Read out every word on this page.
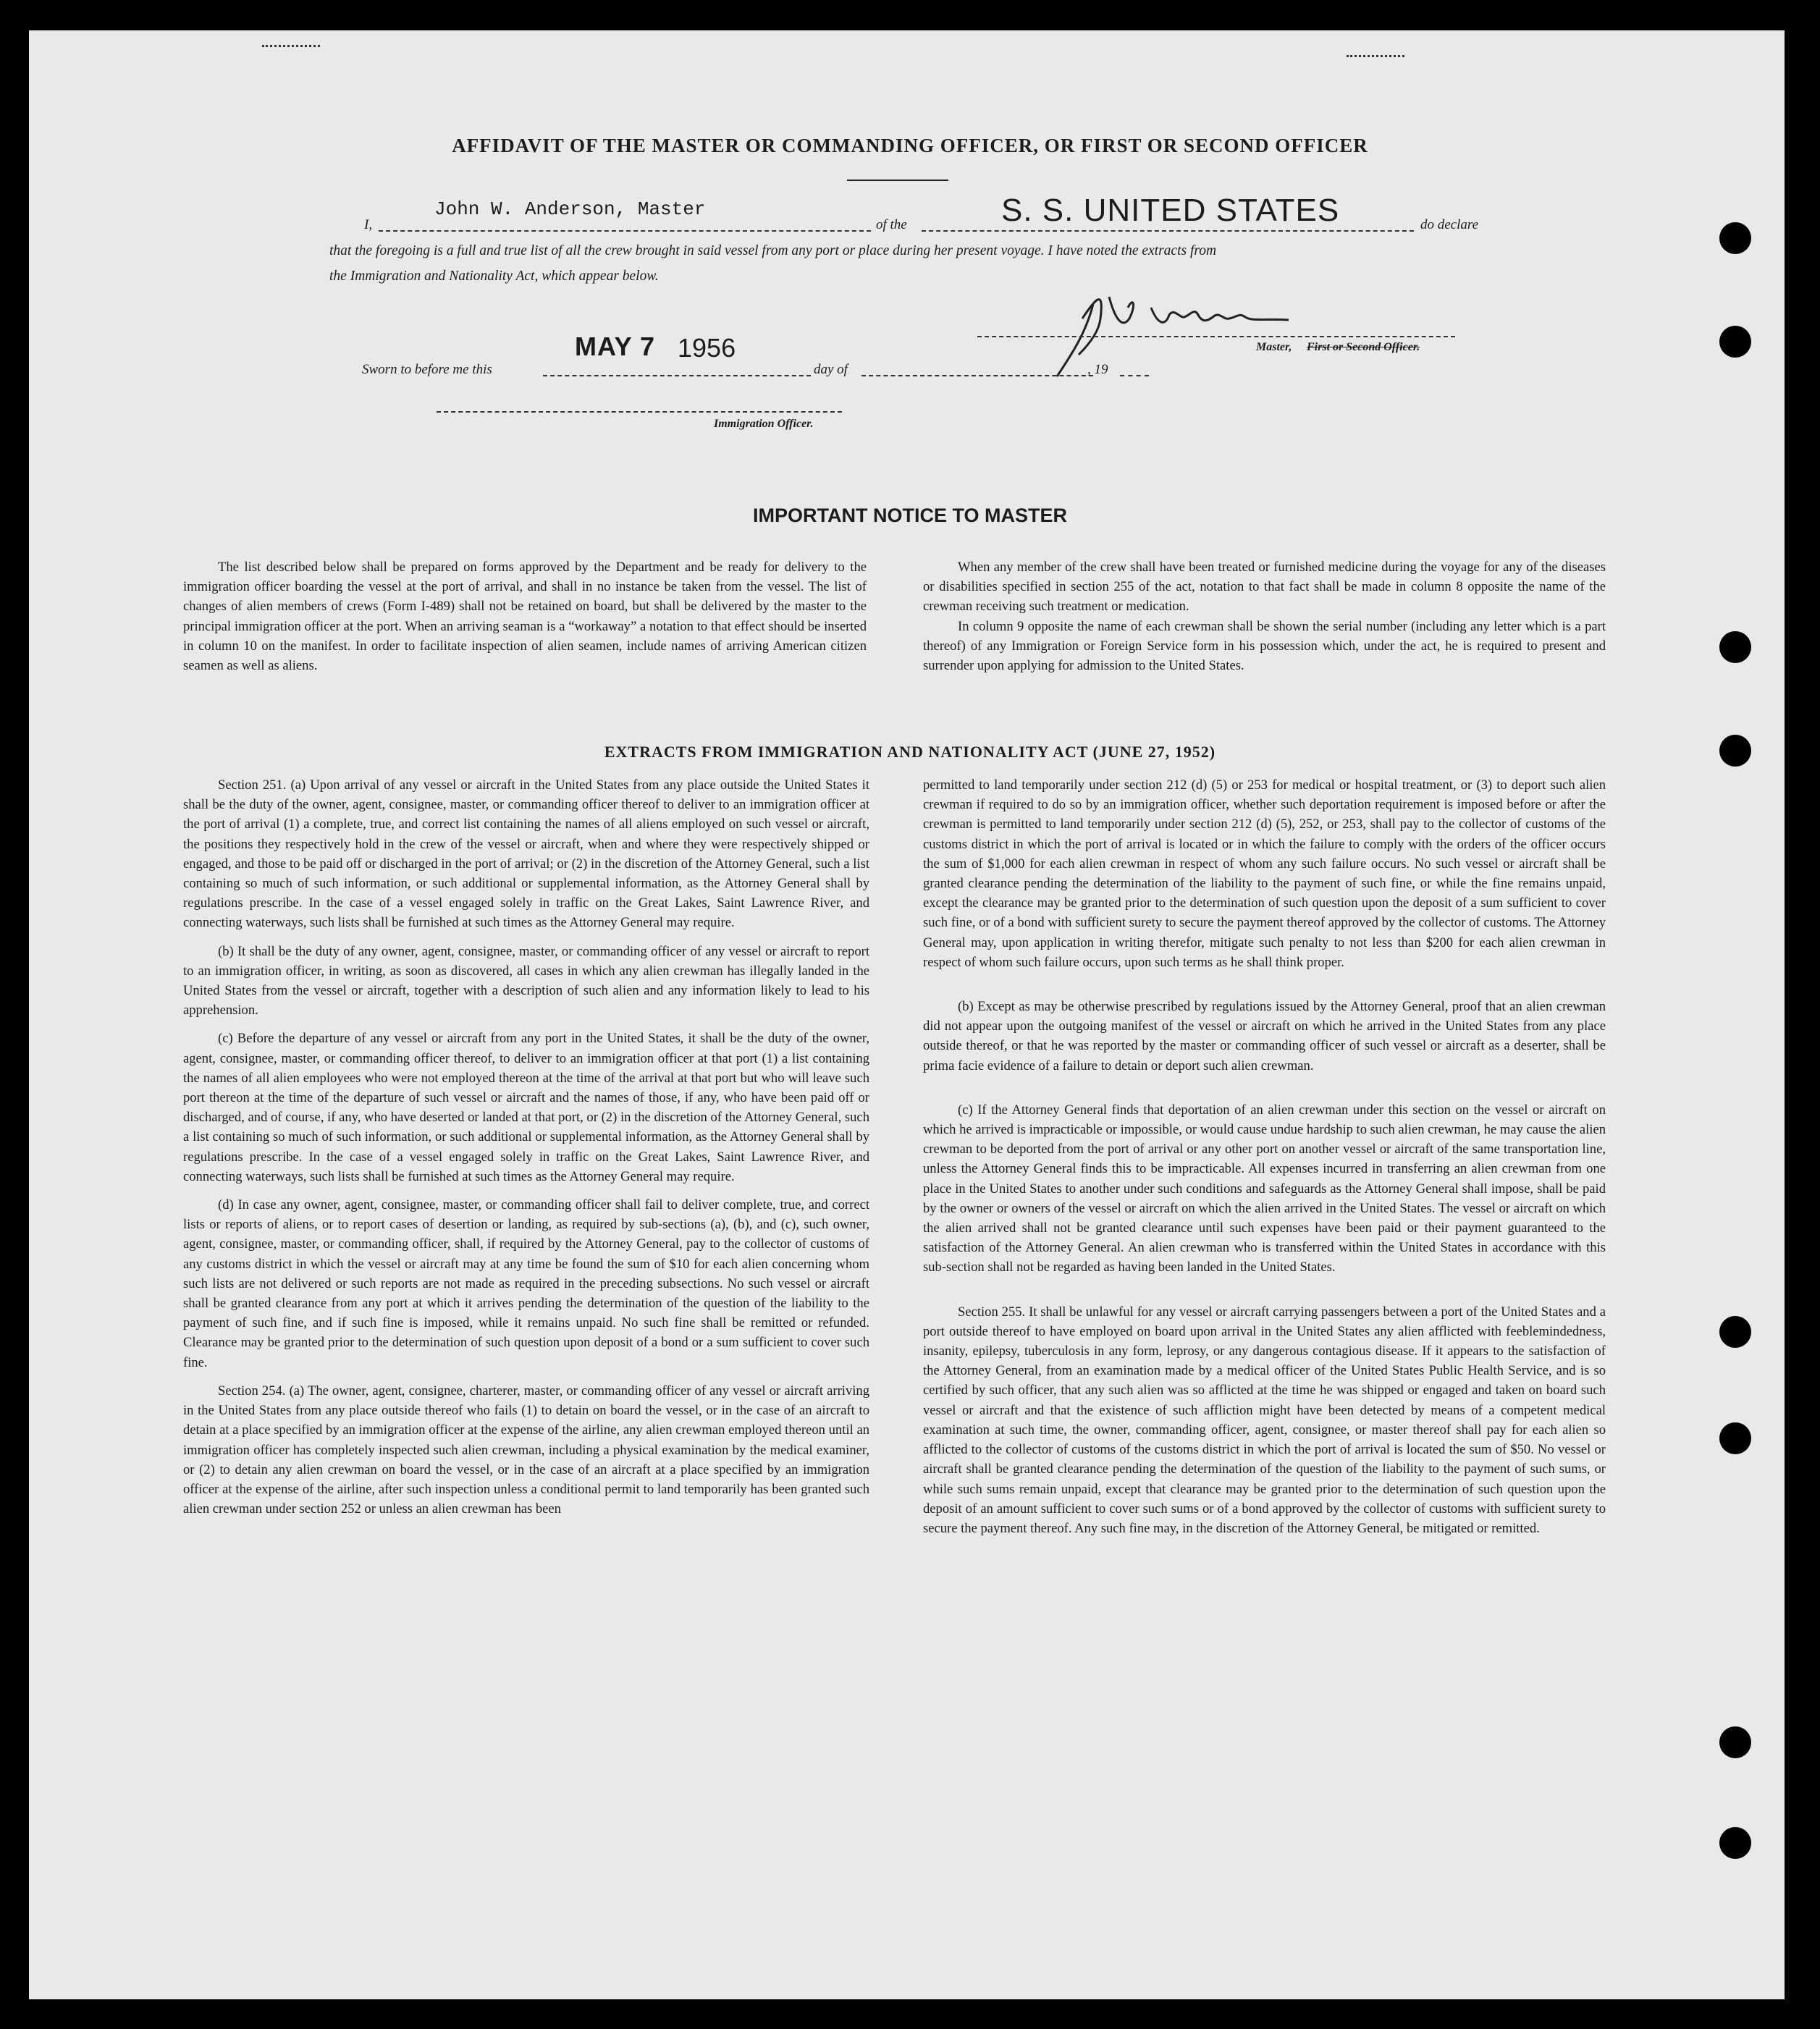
AFFIDAVIT OF THE MASTER OR COMMANDING OFFICER, OR FIRST OR SECOND OFFICER
I,
John W. Anderson, Master
of the	S. S. UNITED STATES	do declare
that the foregoing is a full and true list of all the crew brought in said vessel from any port or place during her present voyage. I have noted the extracts from
the Immigration and Nationality Act, which appear below.
Master, First or Second Officer.
MAY 7 1956
Sworn to before me this	day of	, 19
Immigration Officer.
IMPORTANT NOTICE TO MASTER

The list described below shall be prepared on forms approved by the Department and be ready for delivery to the immigration officer boarding the vessel at the port of arrival, and shall in no instance be taken from the vessel. The list of changes of alien members of crews (Form I-489) shall not be retained on board, but shall be delivered by the master to the principal immigration officer at the port. When an arriving seaman is a “workaway” a notation to that effect should be inserted in column 10 on the manifest. In order to facilitate inspection of alien seamen, include names of arriving American citizen seamen as well as aliens.

When any member of the crew shall have been treated or furnished medicine during the voyage for any of the diseases or disabilities specified in section 255 of the act, notation to that fact shall be made in column 8 opposite the name of the crewman receiving such treatment or medication.

In column 9 opposite the name of each crewman shall be shown the serial number (including any letter which is a part thereof) of any Immigration or Foreign Service form in his possession which, under the act, he is required to present and surrender upon applying for admission to the United States.

EXTRACTS FROM IMMIGRATION AND NATIONALITY ACT (JUNE 27, 1952)

Section 251. (a) Upon arrival of any vessel or aircraft in the United States from any place outside the United States it shall be the duty of the owner, agent, consignee, master, or commanding officer thereof to deliver to an immigration officer at the port of arrival (1) a complete, true, and correct list containing the names of all aliens employed on such vessel or aircraft, the positions they respectively hold in the crew of the vessel or aircraft, when and where they were respectively shipped or engaged, and those to be paid off or discharged in the port of arrival; or (2) in the discretion of the Attorney General, such a list containing so much of such information, or such additional or supplemental information, as the Attorney General shall by regulations prescribe. In the case of a vessel engaged solely in traffic on the Great Lakes, Saint Lawrence River, and connecting waterways, such lists shall be furnished at such times as the Attorney General may require.

(b) It shall be the duty of any owner, agent, consignee, master, or commanding officer of any vessel or aircraft to report to an immigration officer, in writing, as soon as discovered, all cases in which any alien crewman has illegally landed in the United States from the vessel or aircraft, together with a description of such alien and any information likely to lead to his apprehension.

(c) Before the departure of any vessel or aircraft from any port in the United States, it shall be the duty of the owner, agent, consignee, master, or commanding officer thereof, to deliver to an immigration officer at that port (1) a list containing the names of all alien employees who were not employed thereon at the time of the arrival at that port but who will leave such port thereon at the time of the departure of such vessel or aircraft and the names of those, if any, who have been paid off or discharged, and of course, if any, who have deserted or landed at that port, or (2) in the discretion of the Attorney General, such a list containing so much of such information, or such additional or supplemental information, as the Attorney General shall by regulations prescribe. In the case of a vessel engaged solely in traffic on the Great Lakes, Saint Lawrence River, and connecting waterways, such lists shall be furnished at such times as the Attorney General may require.

(d) In case any owner, agent, consignee, master, or commanding officer shall fail to deliver complete, true, and correct lists or reports of aliens, or to report cases of desertion or landing, as required by sub-sections (a), (b), and (c), such owner, agent, consignee, master, or commanding officer, shall, if required by the Attorney General, pay to the collector of customs of any customs district in which the vessel or aircraft may at any time be found the sum of $10 for each alien concerning whom such lists are not delivered or such reports are not made as required in the preceding subsections. No such vessel or aircraft shall be granted clearance from any port at which it arrives pending the determination of the question of the liability to the payment of such fine, and if such fine is imposed, while it remains unpaid. No such fine shall be remitted or refunded. Clearance may be granted prior to the determination of such question upon deposit of a bond or a sum sufficient to cover such fine.

Section 254. (a) The owner, agent, consignee, charterer, master, or commanding officer of any vessel or aircraft arriving in the United States from any place outside thereof who fails (1) to detain on board the vessel, or in the case of an aircraft to detain at a place specified by an immigration officer at the expense of the airline, any alien crewman employed thereon until an immigration officer has completely inspected such alien crewman, including a physical examination by the medical examiner, or (2) to detain any alien crewman on board the vessel, or in the case of an aircraft at a place specified by an immigration officer at the expense of the airline, after such inspection unless a conditional permit to land temporarily has been granted such alien crewman under section 252 or unless an alien crewman has been

permitted to land temporarily under section 212 (d) (5) or 253 for medical or hospital treatment, or (3) to deport such alien crewman if required to do so by an immigration officer, whether such deportation requirement is imposed before or after the crewman is permitted to land temporarily under section 212 (d) (5), 252, or 253, shall pay to the collector of customs of the customs district in which the port of arrival is located or in which the failure to comply with the orders of the officer occurs the sum of $1,000 for each alien crewman in respect of whom any such failure occurs. No such vessel or aircraft shall be granted clearance pending the determination of the liability to the payment of such fine, or while the fine remains unpaid, except the clearance may be granted prior to the determination of such question upon the deposit of a sum sufficient to cover such fine, or of a bond with sufficient surety to secure the payment thereof approved by the collector of customs. The Attorney General may, upon application in writing therefor, mitigate such penalty to not less than $200 for each alien crewman in respect of whom such failure occurs, upon such terms as he shall think proper.

(b) Except as may be otherwise prescribed by regulations issued by the Attorney General, proof that an alien crewman did not appear upon the outgoing manifest of the vessel or aircraft on which he arrived in the United States from any place outside thereof, or that he was reported by the master or commanding officer of such vessel or aircraft as a deserter, shall be prima facie evidence of a failure to detain or deport such alien crewman.

(c) If the Attorney General finds that deportation of an alien crewman under this section on the vessel or aircraft on which he arrived is impracticable or impossible, or would cause undue hardship to such alien crewman, he may cause the alien crewman to be deported from the port of arrival or any other port on another vessel or aircraft of the same transportation line, unless the Attorney General finds this to be impracticable. All expenses incurred in transferring an alien crewman from one place in the United States to another under such conditions and safeguards as the Attorney General shall impose, shall be paid by the owner or owners of the vessel or aircraft on which the alien arrived in the United States. The vessel or aircraft on which the alien arrived shall not be granted clearance until such expenses have been paid or their payment guaranteed to the satisfaction of the Attorney General. An alien crewman who is transferred within the United States in accordance with this sub-section shall not be regarded as having been landed in the United States.

Section 255. It shall be unlawful for any vessel or aircraft carrying passengers between a port of the United States and a port outside thereof to have employed on board upon arrival in the United States any alien afflicted with feeblemindedness, insanity, epilepsy, tuberculosis in any form, leprosy, or any dangerous contagious disease. If it appears to the satisfaction of the Attorney General, from an examination made by a medical officer of the United States Public Health Service, and is so certified by such officer, that any such alien was so afflicted at the time he was shipped or engaged and taken on board such vessel or aircraft and that the existence of such affliction might have been detected by means of a competent medical examination at such time, the owner, commanding officer, agent, consignee, or master thereof shall pay for each alien so afflicted to the collector of customs of the customs district in which the port of arrival is located the sum of $50. No vessel or aircraft shall be granted clearance pending the determination of the question of the liability to the payment of such sums, or while such sums remain unpaid, except that clearance may be granted prior to the determination of such question upon the deposit of an amount sufficient to cover such sums or of a bond approved by the collector of customs with sufficient surety to secure the payment thereof. Any such fine may, in the discretion of the Attorney General, be mitigated or remitted.
